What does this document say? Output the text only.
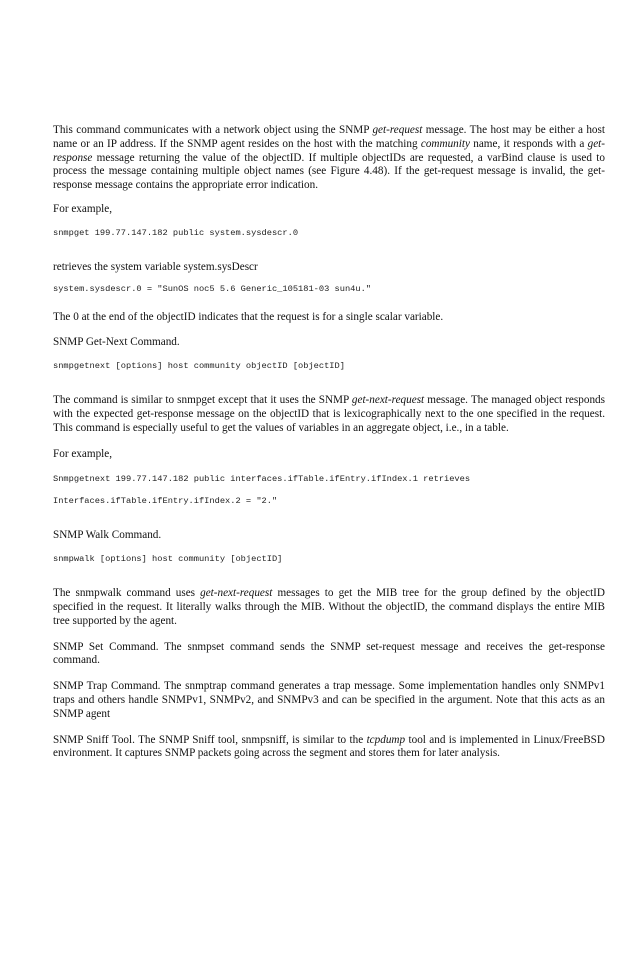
This command communicates with a network object using the SNMP get-request message. The host may be either a host name or an IP address. If the SNMP agent resides on the host with the matching community name, it responds with a get-response message returning the value of the objectID. If multiple objectIDs are requested, a varBind clause is used to process the message containing multiple object names (see Figure 4.48). If the get-request message is invalid, the get-response message contains the appropriate error indication.

For example,

snmpget 199.77.147.182 public system.sysdescr.0

retrieves the system variable system.sysDescr

system.sysdescr.0 = "SunOS noc5 5.6 Generic_105181-03 sun4u."

The 0 at the end of the objectID indicates that the request is for a single scalar variable.

SNMP Get-Next Command.

snmpgetnext [options] host community objectID [objectID]

The command is similar to snmpget except that it uses the SNMP get-next-request message. The managed object responds with the expected get-response message on the objectID that is lexicographically next to the one specified in the request. This command is especially useful to get the values of variables in an aggregate object, i.e., in a table.

For example,

Snmpgetnext 199.77.147.182 public interfaces.ifTable.ifEntry.ifIndex.1 retrieves

Interfaces.ifTable.ifEntry.ifIndex.2 = "2."

SNMP Walk Command.

snmpwalk [options] host community [objectID]

The snmpwalk command uses get-next-request messages to get the MIB tree for the group defined by the objectID specified in the request. It literally walks through the MIB. Without the objectID, the command displays the entire MIB tree supported by the agent.

SNMP Set Command. The snmpset command sends the SNMP set-request message and receives the get-response command.

SNMP Trap Command. The snmptrap command generates a trap message. Some implementation handles only SNMPv1 traps and others handle SNMPv1, SNMPv2, and SNMPv3 and can be specified in the argument. Note that this acts as an SNMP agent

SNMP Sniff Tool. The SNMP Sniff tool, snmpsniff, is similar to the tcpdump tool and is implemented in Linux/FreeBSD environment. It captures SNMP packets going across the segment and stores them for later analysis.
